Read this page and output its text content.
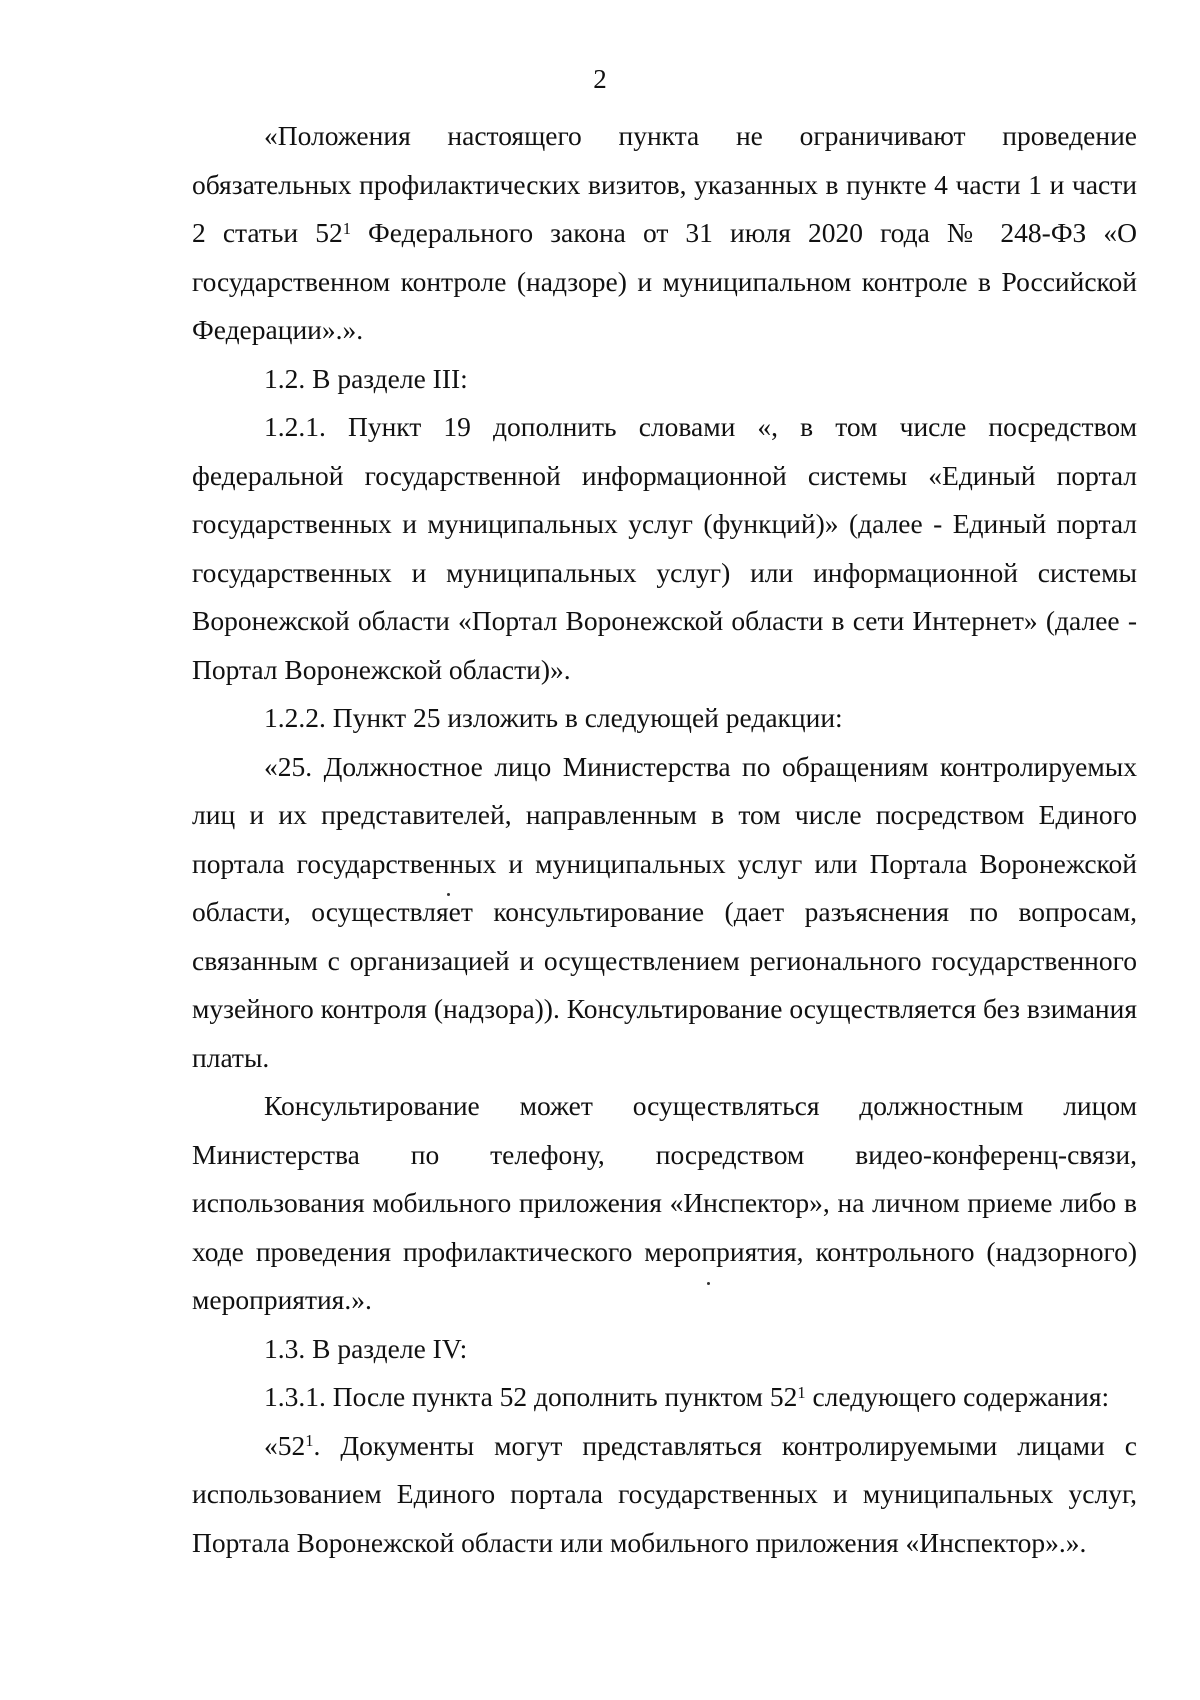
2

«Положения настоящего пункта не ограничивают проведение обязательных профилактических визитов, указанных в пункте 4 части 1 и части 2 статьи $52^1$ Федерального закона от 31 июля 2020 года № 248-ФЗ «О государственном контроле (надзоре) и муниципальном контроле в Российской Федерации».».

1.2. В разделе III:

1.2.1. Пункт 19 дополнить словами «, в том числе посредством федеральной государственной информационной системы «Единый портал государственных и муниципальных услуг (функций)» (далее - Единый портал государственных и муниципальных услуг) или информационной системы Воронежской области «Портал Воронежской области в сети Интернет» (далее - Портал Воронежской области)».

1.2.2. Пункт 25 изложить в следующей редакции:

«25. Должностное лицо Министерства по обращениям контролируемых лиц и их представителей, направленным в том числе посредством Единого портала государственных и муниципальных услуг или Портала Воронежской области, осуществляет консультирование (дает разъяснения по вопросам, связанным с организацией и осуществлением регионального государственного музейного контроля (надзора)). Консультирование осуществляется без взимания платы.

Консультирование может осуществляться должностным лицом Министерства по телефону, посредством видео-конференц-связи, использования мобильного приложения «Инспектор», на личном приеме либо в ходе проведения профилактического мероприятия, контрольного (надзорного) мероприятия.».

1.3. В разделе IV:

1.3.1. После пункта 52 дополнить пунктом $52^1$ следующего содержания:

«$52^1$. Документы могут представляться контролируемыми лицами с использованием Единого портала государственных и муниципальных услуг, Портала Воронежской области или мобильного приложения «Инспектор».».
